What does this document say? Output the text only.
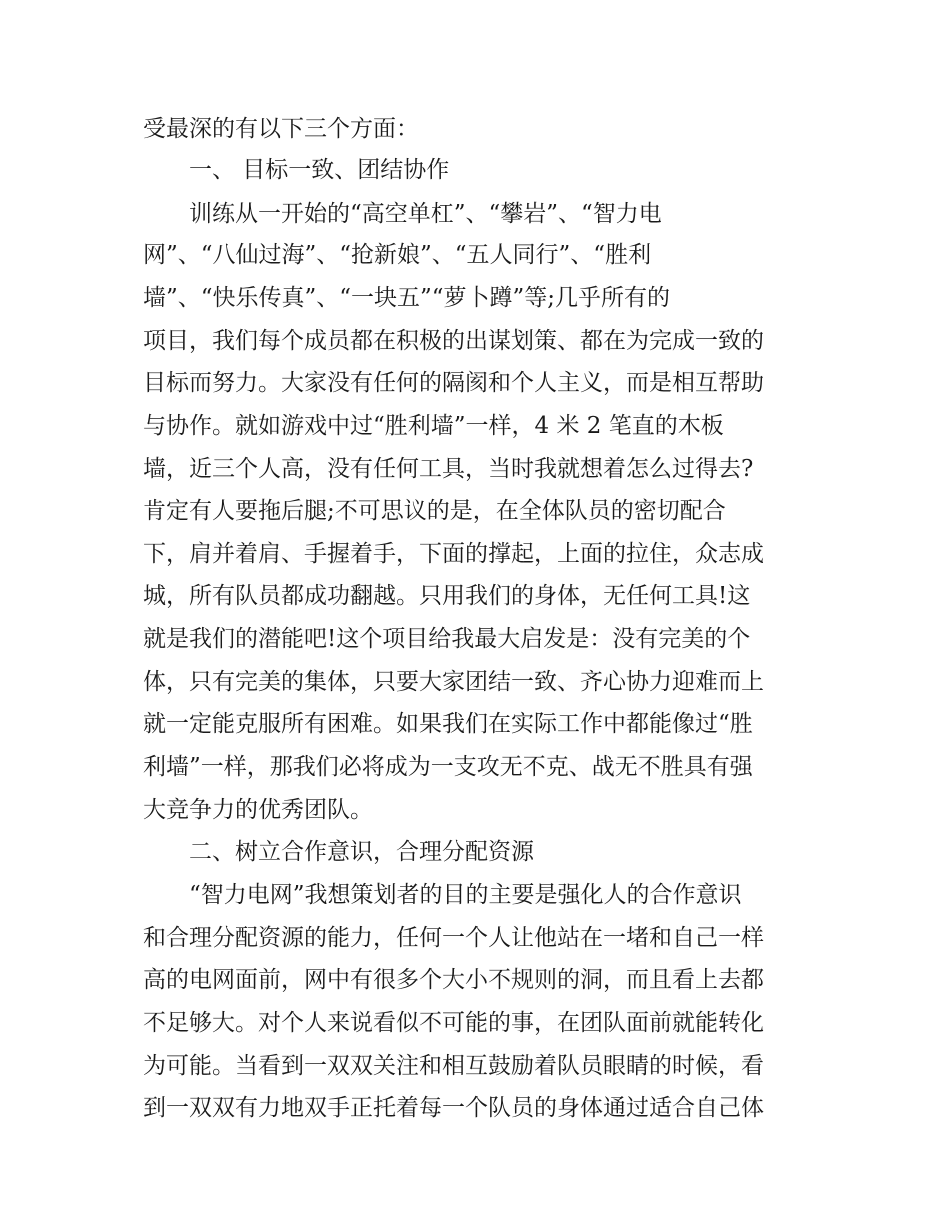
受最深的有以下三个方面：
一、 目标一致、团结协作
训练从一开始的“高空单杠”、“攀岩”、“智力电
网”、“八仙过海”、“抢新娘”、“五人同行”、“胜利
墙”、“快乐传真”、“一块五”“萝卜蹲”等;几乎所有的
项目，我们每个成员都在积极的出谋划策、都在为完成一致的
目标而努力。大家没有任何的隔阂和个人主义，而是相互帮助
与协作。就如游戏中过“胜利墙”一样，4 米 2 笔直的木板
墙，近三个人高，没有任何工具，当时我就想着怎么过得去?
肯定有人要拖后腿;不可思议的是，在全体队员的密切配合
下，肩并着肩、手握着手，下面的撑起，上面的拉住，众志成
城，所有队员都成功翻越。只用我们的身体，无任何工具!这
就是我们的潜能吧!这个项目给我最大启发是：没有完美的个
体，只有完美的集体，只要大家团结一致、齐心协力迎难而上
就一定能克服所有困难。如果我们在实际工作中都能像过“胜
利墙”一样，那我们必将成为一支攻无不克、战无不胜具有强
大竞争力的优秀团队。
二、树立合作意识，合理分配资源
“智力电网”我想策划者的目的主要是强化人的合作意识
和合理分配资源的能力，任何一个人让他站在一堵和自己一样
高的电网面前，网中有很多个大小不规则的洞，而且看上去都
不足够大。对个人来说看似不可能的事，在团队面前就能转化
为可能。当看到一双双关注和相互鼓励着队员眼睛的时候，看
到一双双有力地双手正托着每一个队员的身体通过适合自己体
